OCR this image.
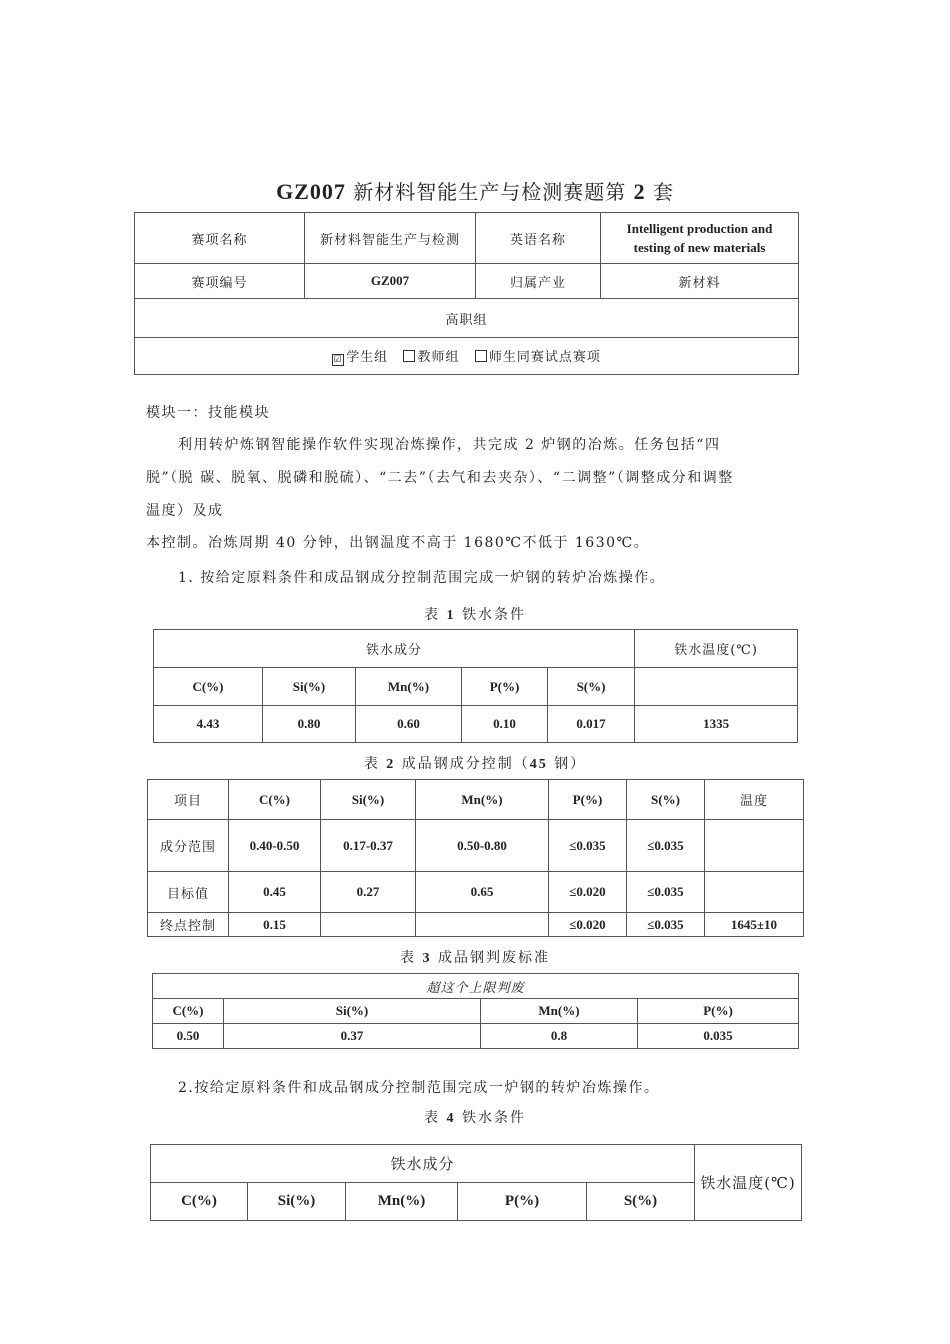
GZ007 新材料智能生产与检测赛题第 2 套
赛项名称	新材料智能生产与检测	英语名称	Intelligent production and
testing of new materials
赛项编号	GZ007	归属产业	新材料
高职组			
☑ 学生组 教师组 师生同赛试点赛项			
模块一：技能模块
利用转炉炼钢智能操作软件实现冶炼操作，共完成 2 炉钢的冶炼。任务包括“四
脱”（脱 碳、脱氧、脱磷和脱硫）、“二去”（去气和去夹杂）、“二调整”（调整成分和调整
温度）及成
本控制。冶炼周期 40 分钟，出钢温度不高于 1680℃不低于 1630℃。
1. 按给定原料条件和成品钢成分控制范围完成一炉钢的转炉冶炼操作。
表 1 铁水条件
铁水成分					铁水温度(℃)
C(%)	Si(%)	Mn(%)	P(%)	S(%)	
4.43	0.80	0.60	0.10	0.017	1335
表 2 成品钢成分控制（45 钢）
项目	C(%)	Si(%)	Mn(%)	P(%)	S(%)	温度
成分范围	0.40-0.50	0.17-0.37	0.50-0.80	≤0.035	≤0.035	
目标值	0.45	0.27	0.65	≤0.020	≤0.035	
终点控制	0.15			≤0.020	≤0.035	1645±10
表 3 成品钢判废标准
超这个上限判废			
C(%)	Si(%)	Mn(%)	P(%)
0.50	0.37	0.8	0.035
2.按给定原料条件和成品钢成分控制范围完成一炉钢的转炉冶炼操作。
表 4 铁水条件
铁水成分					铁水温度(℃)
C(%)	Si(%)	Mn(%)	P(%)	S(%)	
